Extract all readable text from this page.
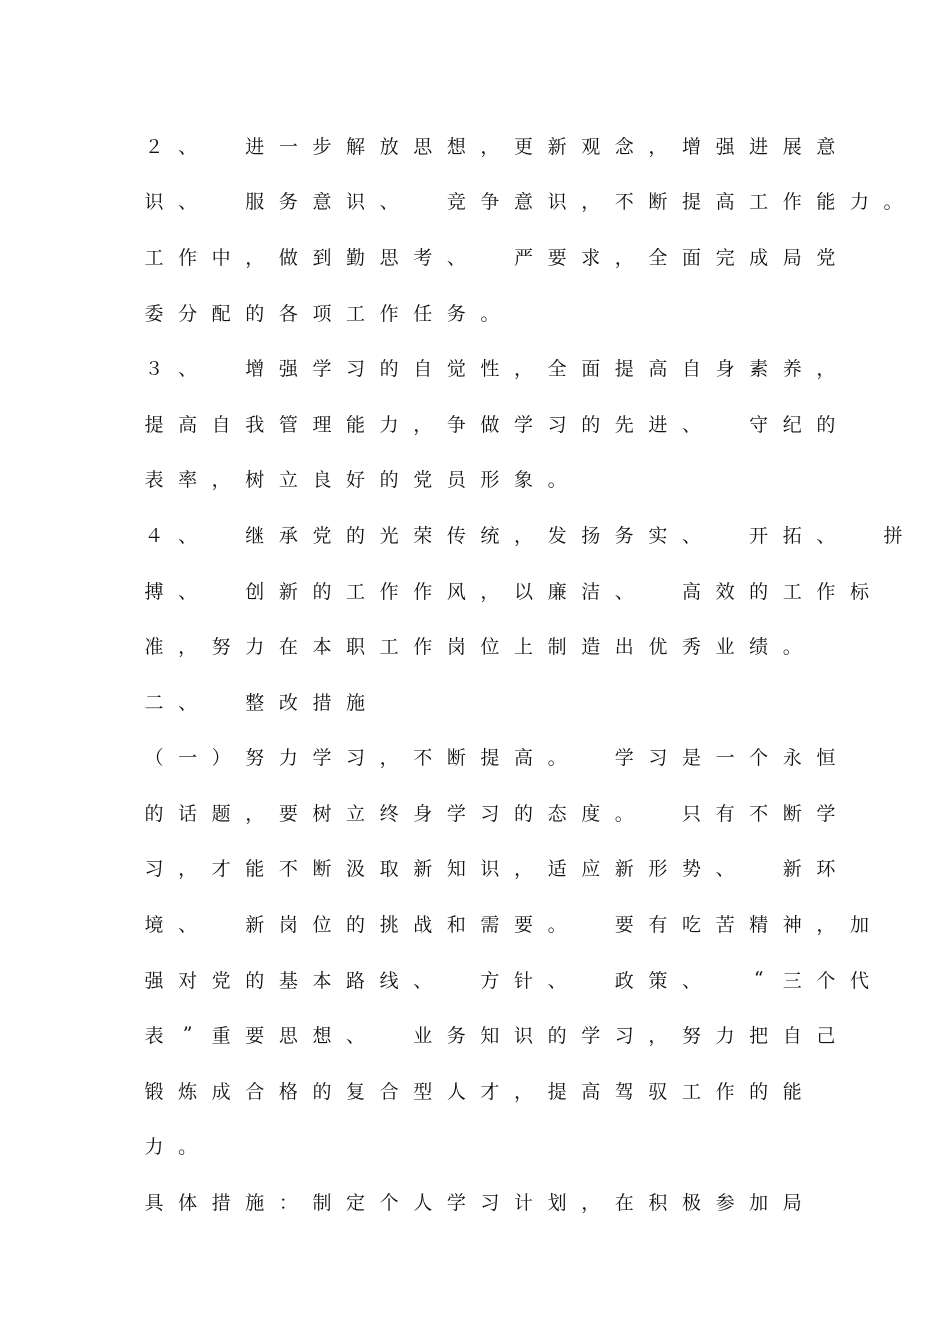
２ 、	进 一 步 解 放 思 想 ， 更 新 观 念 ， 增 强 进 展 意
识 、	服 务 意 识 、	竞 争 意 识 ， 不 断 提 高 工 作 能 力 。
工 作 中 ， 做 到 勤 思 考 、	严 要 求 ， 全 面 完 成 局 党
委 分 配 的 各 项 工 作 任 务 。
３ 、	增 强 学 习 的 自 觉 性 ， 全 面 提 高 自 身 素 养 ，
提 高 自 我 管 理 能 力 ， 争 做 学 习 的 先 进 、	守 纪 的
表 率 ， 树 立 良 好 的 党 员 形 象 。
４ 、	继 承 党 的 光 荣 传 统 ， 发 扬 务 实 、	开 拓 、	拼
搏 、	创 新 的 工 作 作 风 ， 以 廉 洁 、	高 效 的 工 作 标
准 ， 努 力 在 本 职 工 作 岗 位 上 制 造 出 优 秀 业 绩 。
二 、	整 改 措 施
（ 一 ） 努 力 学 习 ， 不 断 提 高 。	学 习 是 一 个 永 恒
的 话 题 ， 要 树 立 终 身 学 习 的 态 度 。	只 有 不 断 学
习 ， 才 能 不 断 汲 取 新 知 识 ， 适 应 新 形 势 、	新 环
境 、	新 岗 位 的 挑 战 和 需 要 。	要 有 吃 苦 精 神 ， 加
强 对 党 的 基 本 路 线 、	方 针 、	政 策 、	“ 三 个 代
表 ” 重 要 思 想 、	业 务 知 识 的 学 习 ， 努 力 把 自 己
锻 炼 成 合 格 的 复 合 型 人 才 ， 提 高 驾 驭 工 作 的 能
力 。
具 体 措 施 ： 制 定 个 人 学 习 计 划 ， 在 积 极 参 加 局
